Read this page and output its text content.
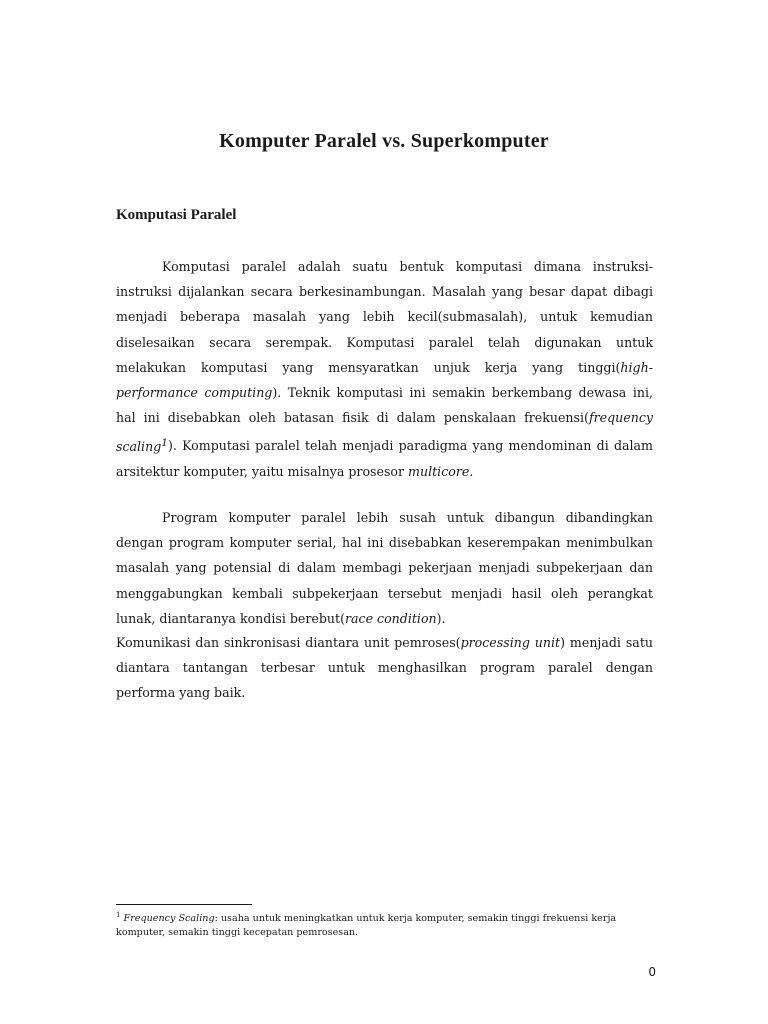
Komputer Paralel vs. Superkomputer
Komputasi Paralel

Komputasi paralel adalah suatu bentuk komputasi dimana instruksi-instruksi dijalankan secara berkesinambungan. Masalah yang besar dapat dibagi menjadi beberapa masalah yang lebih kecil(submasalah), untuk kemudian diselesaikan secara serempak. Komputasi paralel telah digunakan untuk melakukan komputasi yang mensyaratkan unjuk kerja yang tinggi(high-performance computing). Teknik komputasi ini semakin berkembang dewasa ini, hal ini disebabkan oleh batasan fisik di dalam penskalaan frekuensi(frequency scaling$^1$). Komputasi paralel telah menjadi paradigma yang mendominan di dalam arsitektur komputer, yaitu misalnya prosesor multicore.

Program komputer paralel lebih susah untuk dibangun dibandingkan dengan program komputer serial, hal ini disebabkan keserempakan menimbulkan masalah yang potensial di dalam membagi pekerjaan menjadi subpekerjaan dan menggabungkan kembali subpekerjaan tersebut menjadi hasil oleh perangkat lunak, diantaranya kondisi berebut(race condition).

Komunikasi dan sinkronisasi diantara unit pemroses(processing unit) menjadi satu diantara tantangan terbesar untuk menghasilkan program paralel dengan performa yang baik.

$^1$ Frequency Scaling: usaha untuk meningkatkan untuk kerja komputer, semakin tinggi frekuensi kerja komputer, semakin tinggi kecepatan pemrosesan.

0
